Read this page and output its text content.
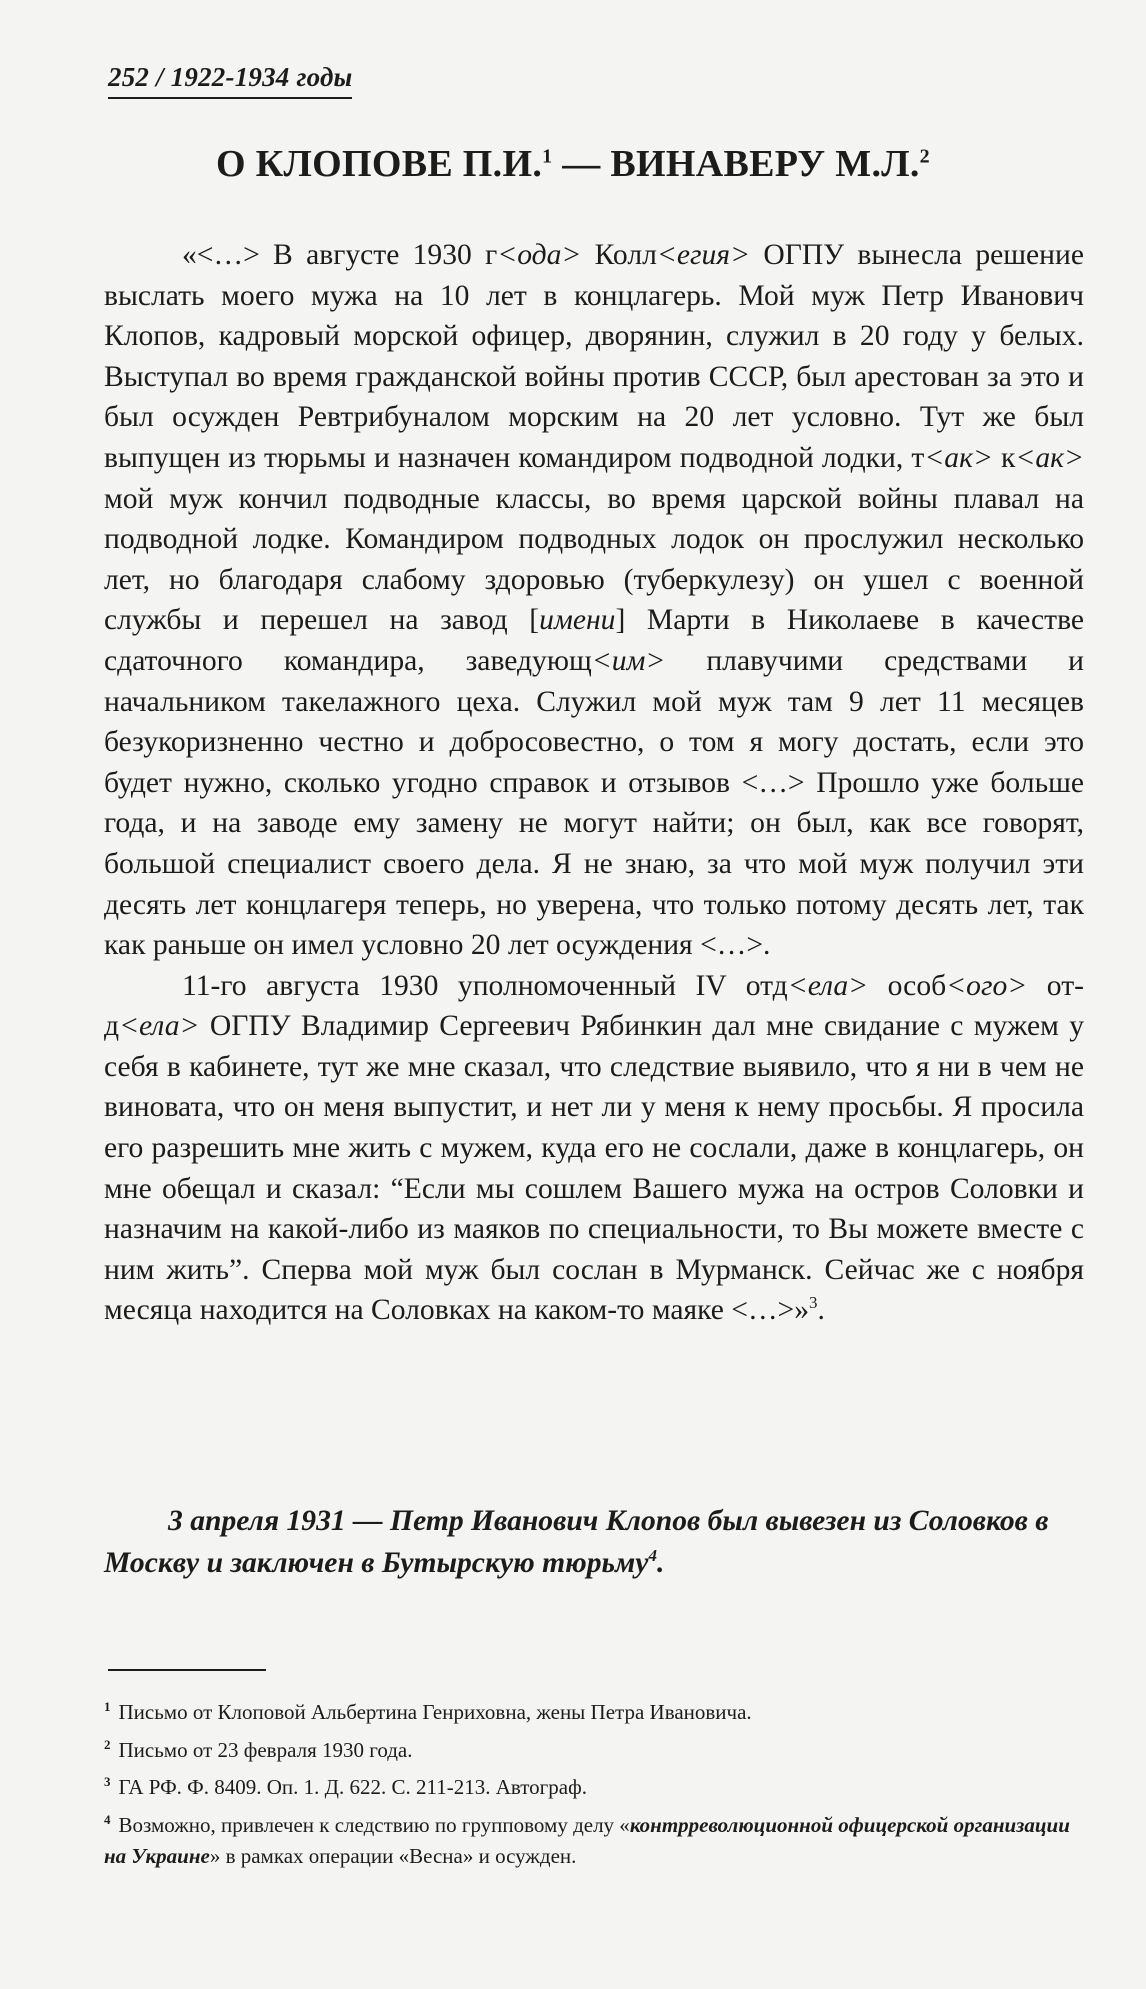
252 / 1922-1934 годы
О КЛОПОВЕ П.И.$^1$ — ВИНАВЕРУ М.Л.$^2$

«<…> В августе 1930 г<ода> Колл<егия> ОГПУ вынесла решение выслать моего мужа на 10 лет в концлагерь. Мой муж Петр Иванович Клопов, кадровый морской офицер, дворянин, служил в 20 году у белых. Выступал во время гражданской войны против СССР, был арестован за это и был осужден Ревтрибуналом морским на 20 лет условно. Тут же был выпущен из тюрьмы и назначен командиром подводной лодки, т<ак> к<ак> мой муж кончил подводные классы, во время царской войны плавал на подводной лодке. Командиром подводных лодок он прослужил несколько лет, но благодаря слабому здоровью (туберкулезу) он ушел с военной службы и перешел на завод [имени] Марти в Николаеве в качестве сдаточного командира, заведующ<им> плавучими средствами и начальником такелажного цеха. Служил мой муж там 9 лет 11 месяцев безукоризненно честно и добросовестно, о том я могу достать, если это будет нужно, сколько угодно справок и отзывов <…> Прошло уже больше года, и на заводе ему замену не могут найти; он был, как все говорят, большой специалист своего дела. Я не знаю, за что мой муж получил эти десять лет концлагеря теперь, но уверена, что только потому десять лет, так как раньше он имел условно 20 лет осуждения <…>.

11-го августа 1930 уполномоченный IV отд<ела> особ<ого> отд<ела> ОГПУ Владимир Сергеевич Рябинкин дал мне свидание с мужем у себя в кабинете, тут же мне сказал, что следствие выявило, что я ни в чем не виновата, что он меня выпустит, и нет ли у меня к нему просьбы. Я просила его разрешить мне жить с мужем, куда его не сослали, даже в концлагерь, он мне обещал и сказал: “Если мы сошлем Вашего мужа на остров Соловки и назначим на какой-либо из маяков по специальности, то Вы можете вместе с ним жить”. Сперва мой муж был сослан в Мурманск. Сейчас же с ноября месяца находится на Соловках на каком-то маяке <…>»$^3$.

3 апреля 1931 — Петр Иванович Клопов был вывезен из Соловков в Москву и заключен в Бутырскую тюрьму$^4$.
$^1$ Письмо от Клоповой Альбертина Генриховна, жены Петра Ивановича.
$^2$ Письмо от 23 февраля 1930 года.
$^3$ ГА РФ. Ф. 8409. Оп. 1. Д. 622. С. 211-213. Автограф.
$^4$ Возможно, привлечен к следствию по групповому делу «контрреволюционной офицерской организации на Украине» в рамках операции «Весна» и осужден.
